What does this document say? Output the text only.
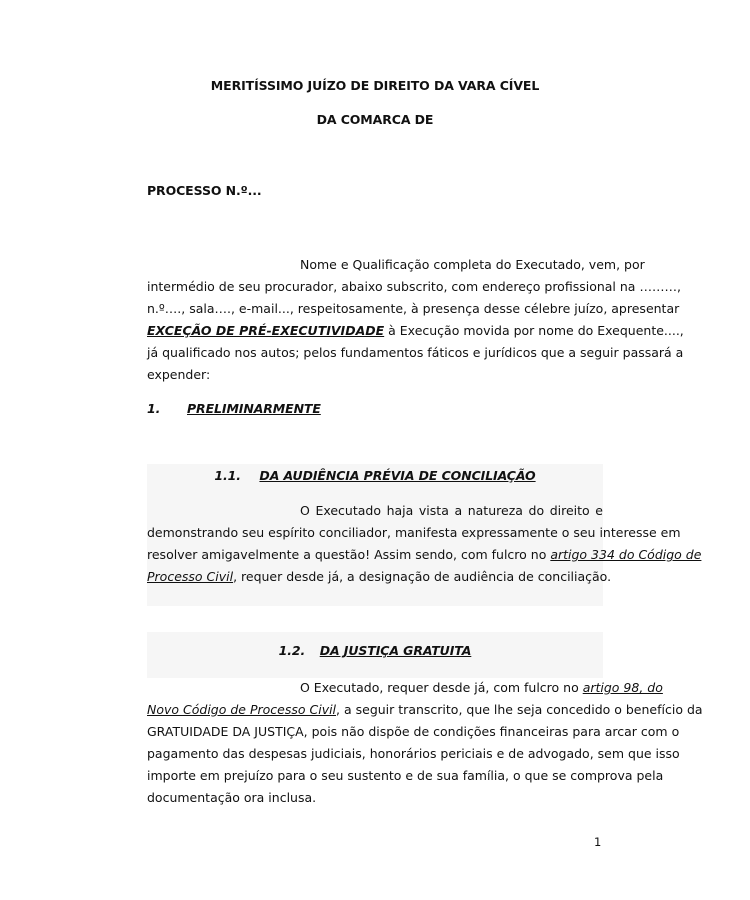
MERITÍSSIMO JUÍZO DE DIREITO DA VARA CÍVEL
DA COMARCA DE
PROCESSO N.º...
Nome e Qualificação completa do Executado, vem, por
intermédio de seu procurador, abaixo subscrito, com endereço profissional na ………,
n.º…., sala…., e-mail..., respeitosamente, à presença desse célebre juízo, apresentar
EXCEÇÃO DE PRÉ-EXECUTIVIDADE à Execução movida por nome do Exequente....,
já qualificado nos autos; pelos fundamentos fáticos e jurídicos que a seguir passará a
expender:
1. PRELIMINARMENTE
1.1. DA AUDIÊNCIA PRÉVIA DE CONCILIAÇÃO
O Executado haja vista a natureza do direito e
demonstrando seu espírito conciliador, manifesta expressamente o seu interesse em
resolver amigavelmente a questão! Assim sendo, com fulcro no artigo 334 do Código de
Processo Civil, requer desde já, a designação de audiência de conciliação.
1.2. DA JUSTIÇA GRATUITA
O Executado, requer desde já, com fulcro no artigo 98, do
Novo Código de Processo Civil, a seguir transcrito, que lhe seja concedido o benefício da
GRATUIDADE DA JUSTIÇA, pois não dispõe de condições financeiras para arcar com o
pagamento das despesas judiciais, honorários periciais e de advogado, sem que isso
importe em prejuízo para o seu sustento e de sua família, o que se comprova pela
documentação ora inclusa.
1
